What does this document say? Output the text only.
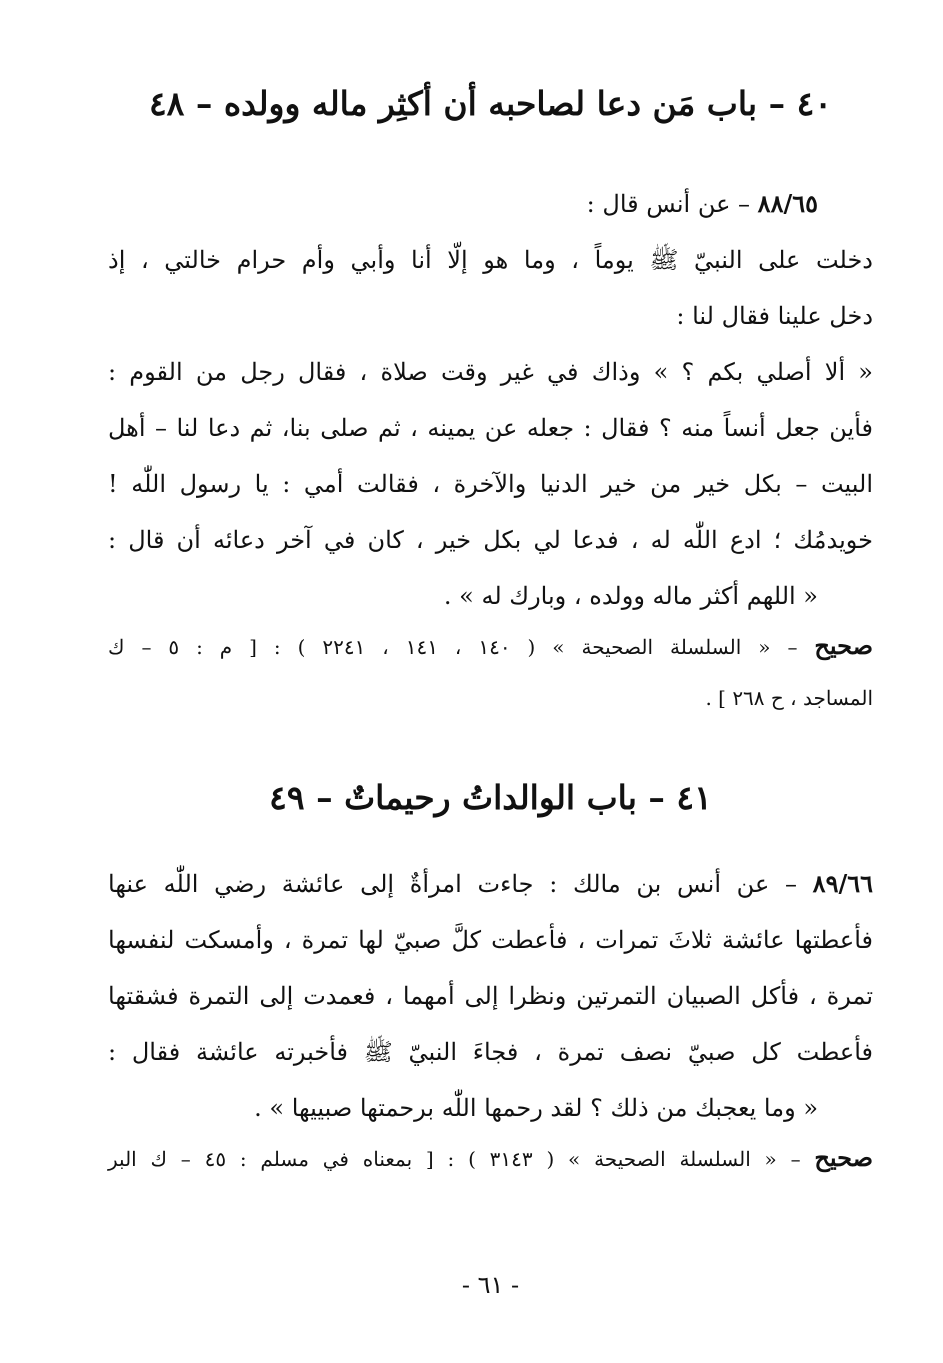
٤٠ – باب مَن دعا لصاحبه أن أكثِر ماله وولده – ٤٨
٨٨/٦٥ – عن أنس قال :
دخلت على النبيّ ﷺ يوماً ، وما هو إلّا أنا وأبي وأم حرام خالتي ، إذ
دخل علينا فقال لنا :
« ألا أصلي بكم ؟ » وذاك في غير وقت صلاة ، فقال رجل من القوم :
فأين جعل أنساً منه ؟ فقال : جعله عن يمينه ، ثم صلى بنا، ثم دعا لنا – أهل
البيت – بكل خير من خير الدنيا والآخرة ، فقالت أمي : يا رسول اللّٰه !
خويدمُك ؛ ادع اللّٰه له ، فدعا لي بكل خير ، كان في آخر دعائه أن قال :
« اللهم أكثر ماله وولده ، وبارك له » .
صحيح – « السلسلة الصحيحة » ( ١٤٠ ، ١٤١ ، ٢٢٤١ ) : [ م : ٥ – ك
المساجد ، ح ٢٦٨ ] .
٤١ – باب الوالداتُ رحيماتٌ – ٤٩
٨٩/٦٦ – عن أنس بن مالك : جاءت امرأةٌ إلى عائشة رضي اللّٰه عنها
فأعطتها عائشة ثلاثَ تمرات ، فأعطت كلَّ صبيّ لها تمرة ، وأمسكت لنفسها
تمرة ، فأكل الصبيان التمرتين ونظرا إلى أمهما ، فعمدت إلى التمرة فشقتها
فأعطت كل صبيّ نصف تمرة ، فجاءَ النبيّ ﷺ فأخبرته عائشة فقال :
« وما يعجبك من ذلك ؟ لقد رحمها اللّٰه برحمتها صبييها » .
صحيح – « السلسلة الصحيحة » ( ٣١٤٣ ) : [ بمعناه في مسلم : ٤٥ – ك البر
- ٦١ -
